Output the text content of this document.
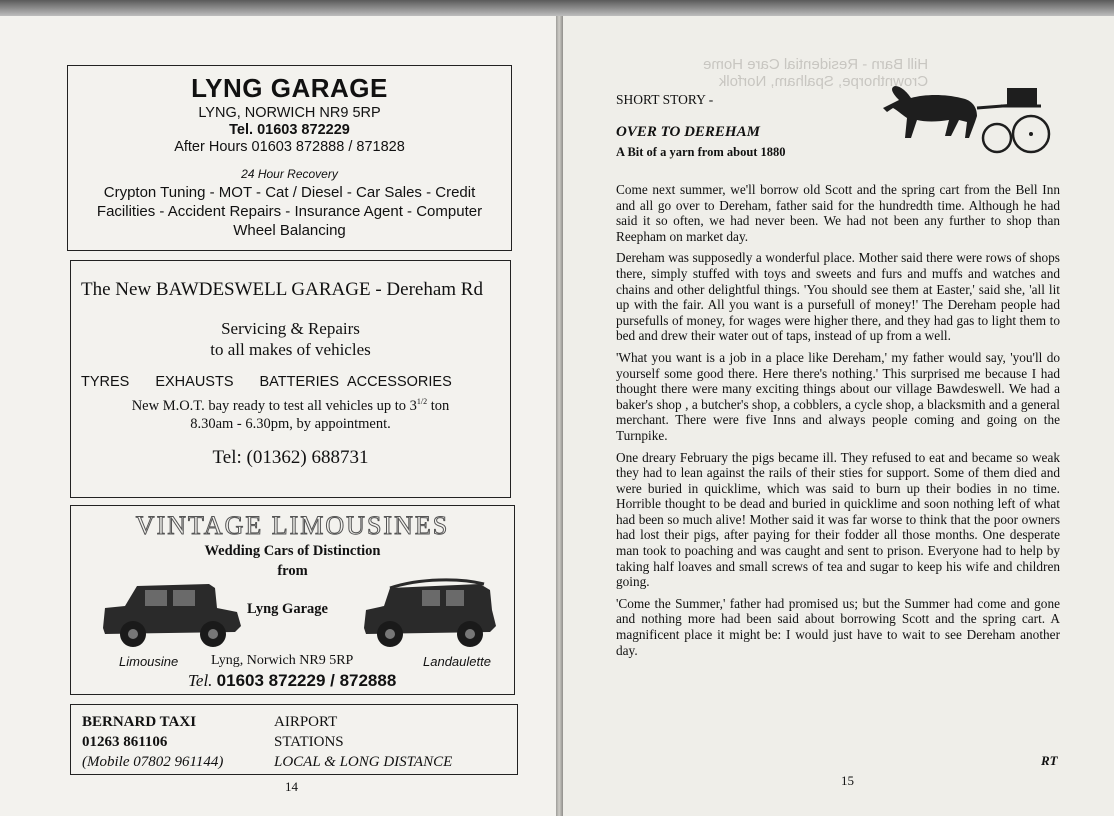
LYNG GARAGE
LYNG, NORWICH NR9 5RP
Tel. 01603 872229
After Hours 01603 872888 / 871828
24 Hour Recovery
Crypton Tuning - MOT - Cat / Diesel - Car Sales - Credit Facilities - Accident Repairs - Insurance Agent - Computer Wheel Balancing
The New BAWDESWELL GARAGE - Dereham Rd
Servicing & Repairs
to all makes of vehicles
TYRES EXHAUSTS BATTERIES ACCESSORIES
New M.O.T. bay ready to test all vehicles up to $3^{1/2}$ ton
8.30am - 6.30pm, by appointment.
Tel: (01362) 688731
VINTAGE LIMOUSINES
Wedding Cars of Distinction
from
Lyng Garage
Limousine Lyng, Norwich NR9 5RP	Landaulette
Tel. 01603 872229 / 872888
BERNARD TAXI
01263 861106
(Mobile 07802 961144)
AIRPORT
STATIONS
LOCAL & LONG DISTANCE
14
Hill Barn - Residential Care Home
Crownthorpe, Spalham, Norfolk
SHORT STORY -
OVER TO DEREHAM
A Bit of a yarn from about 1880

Come next summer, we'll borrow old Scott and the spring cart from the Bell Inn and all go over to Dereham, father said for the hundredth time. Although he had said it so often, we had never been. We had not been any further to shop than Reepham on market day.

Dereham was supposedly a wonderful place. Mother said there were rows of shops there, simply stuffed with toys and sweets and furs and muffs and watches and chains and other delightful things. 'You should see them at Easter,' said she, 'all lit up with the fair. All you want is a pursefull of money!' The Dereham people had pursefulls of money, for wages were higher there, and they had gas to light them to bed and drew their water out of taps, instead of up from a well.

'What you want is a job in a place like Dereham,' my father would say, 'you'll do yourself some good there. Here there's nothing.' This surprised me because I had thought there were many exciting things about our village Bawdeswell. We had a baker's shop , a butcher's shop, a cobblers, a cycle shop, a blacksmith and a general merchant. There were five Inns and always people coming and going on the Turnpike.

One dreary February the pigs became ill. They refused to eat and became so weak they had to lean against the rails of their sties for support. Some of them died and were buried in quicklime, which was said to burn up their bodies in no time. Horrible thought to be dead and buried in quicklime and soon nothing left of what had been so much alive! Mother said it was far worse to think that the poor owners had lost their pigs, after paying for their fodder all those months. One desperate man took to poaching and was caught and sent to prison. Everyone had to help by taking half loaves and small screws of tea and sugar to keep his wife and children going.

'Come the Summer,' father had promised us; but the Summer had come and gone and nothing more had been said about borrowing Scott and the spring cart. A magnificent place it might be: I would just have to wait to see Dereham another day.

RT
15
